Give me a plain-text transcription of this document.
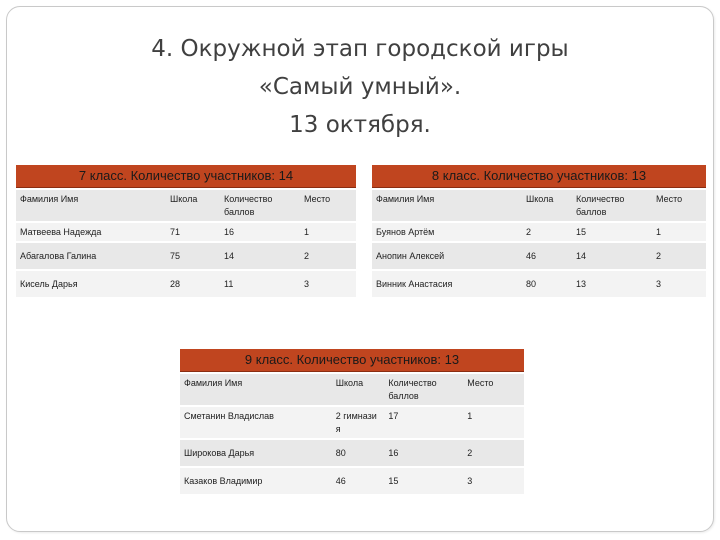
4. Окружной этап городской игры
«Самый умный».
13 октября.
7 класс. Количество участников: 14			
Фамилия Имя	Школа	Количество баллов	Место
Матвеева Надежда	71	16	1
Абагалова Галина	75	14	2
Кисель Дарья	28	11	3
8 класс. Количество участников: 13			
Фамилия Имя	Школа	Количество баллов	Место
Буянов Артём	2	15	1
Анопин Алексей	46	14	2
Винник Анастасия	80	13	3
9 класс. Количество участников: 13			
Фамилия Имя	Школа	Количество баллов	Место
Сметанин Владислав	2 гимназия	17	1
Широкова Дарья	80	16	2
Казаков Владимир	46	15	3
